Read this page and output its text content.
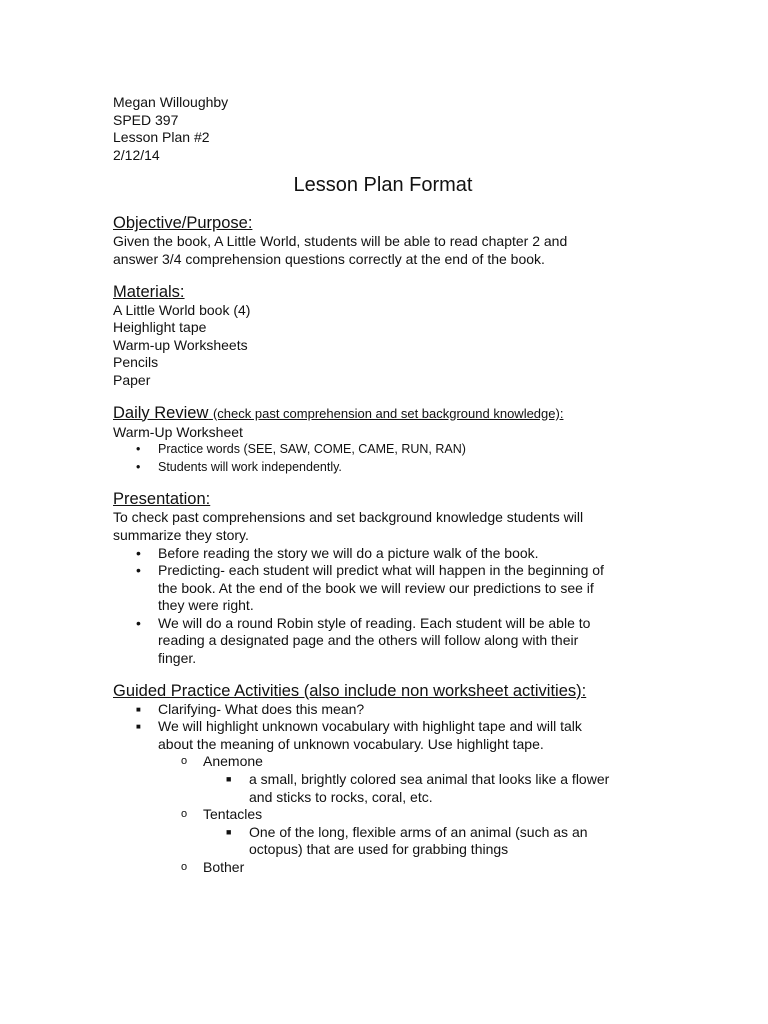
Megan Willoughby
SPED 397
Lesson Plan #2
2/12/14
Lesson Plan Format
Objective/Purpose:
Given the book, A Little World, students will be able to read chapter 2 and
answer 3/4 comprehension questions correctly at the end of the book.
Materials:
A Little World book (4)
Heighlight tape
Warm-up Worksheets
Pencils
Paper
Daily Review (check past comprehension and set background knowledge):
Warm-Up Worksheet
•	Practice words (SEE, SAW, COME, CAME, RUN, RAN)
•	Students will work independently.
Presentation:
To check past comprehensions and set background knowledge students will
summarize they story.
•	Before reading the story we will do a picture walk of the book.
•	Predicting- each student will predict what will happen in the beginning of
the book. At the end of the book we will review our predictions to see if
they were right.
•	We will do a round Robin style of reading. Each student will be able to
reading a designated page and the others will follow along with their
finger.
Guided Practice Activities (also include non worksheet activities):
■	Clarifying- What does this mean?
■	We will highlight unknown vocabulary with highlight tape and will talk
about the meaning of unknown vocabulary. Use highlight tape.
o	Anemone
■	a small, brightly colored sea animal that looks like a flower
and sticks to rocks, coral, etc.
o	Tentacles
■	One of the long, flexible arms of an animal (such as an
octopus) that are used for grabbing things
o	Bother
